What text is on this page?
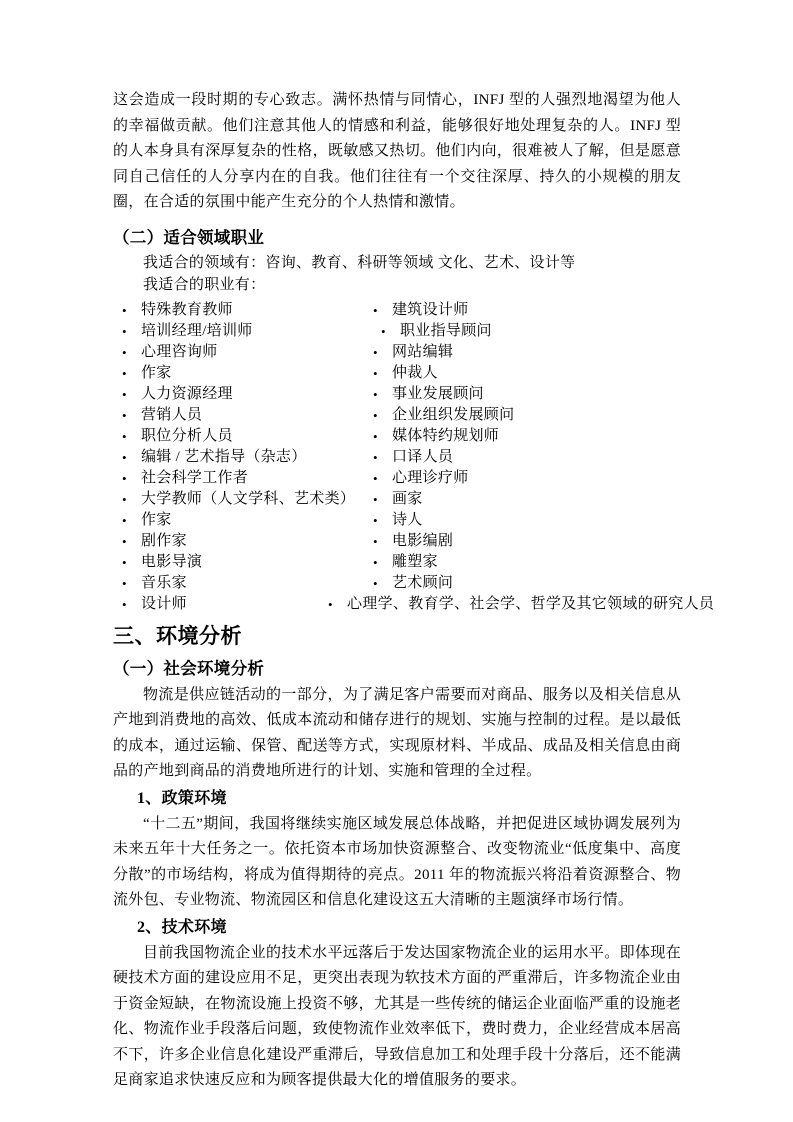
这会造成一段时期的专心致志。满怀热情与同情心，INFJ 型的人强烈地渴望为他人的幸福做贡献。他们注意其他人的情感和利益，能够很好地处理复杂的人。INFJ 型的人本身具有深厚复杂的性格，既敏感又热切。他们内向，很难被人了解，但是愿意同自己信任的人分享内在的自我。他们往往有一个交往深厚、持久的小规模的朋友圈，在合适的氛围中能产生充分的个人热情和激情。

（二）适合领域职业

我适合的领域有：咨询、教育、科研等领域 文化、艺术、设计等

我适合的职业有：

• 特殊教育教师	• 建筑设计师
• 培训经理/培训师	• 职业指导顾问
• 心理咨询师	• 网站编辑
• 作家	• 仲裁人
• 人力资源经理	• 事业发展顾问
• 营销人员	• 企业组织发展顾问
• 职位分析人员	• 媒体特约规划师
• 编辑 / 艺术指导（杂志）	• 口译人员
• 社会科学工作者	• 心理诊疗师
• 大学教师（人文学科、艺术类）	• 画家
• 作家	• 诗人
• 剧作家	• 电影编剧
• 电影导演	• 雕塑家
• 音乐家	• 艺术顾问
• 设计师	• 心理学、教育学、社会学、哲学及其它领域的研究人员
三、环境分析
（一）社会环境分析

物流是供应链活动的一部分，为了满足客户需要而对商品、服务以及相关信息从产地到消费地的高效、低成本流动和储存进行的规划、实施与控制的过程。是以最低的成本，通过运输、保管、配送等方式，实现原材料、半成品、成品及相关信息由商品的产地到商品的消费地所进行的计划、实施和管理的全过程。

1、政策环境

“十二五”期间，我国将继续实施区域发展总体战略，并把促进区域协调发展列为未来五年十大任务之一。依托资本市场加快资源整合、改变物流业“低度集中、高度分散”的市场结构，将成为值得期待的亮点。2011 年的物流振兴将沿着资源整合、物流外包、专业物流、物流园区和信息化建设这五大清晰的主题演绎市场行情。

2、技术环境

目前我国物流企业的技术水平远落后于发达国家物流企业的运用水平。即体现在硬技术方面的建设应用不足，更突出表现为软技术方面的严重滞后，许多物流企业由于资金短缺，在物流设施上投资不够，尤其是一些传统的储运企业面临严重的设施老化、物流作业手段落后问题，致使物流作业效率低下，费时费力，企业经营成本居高不下，许多企业信息化建设严重滞后，导致信息加工和处理手段十分落后，还不能满足商家追求快速反应和为顾客提供最大化的增值服务的要求。
